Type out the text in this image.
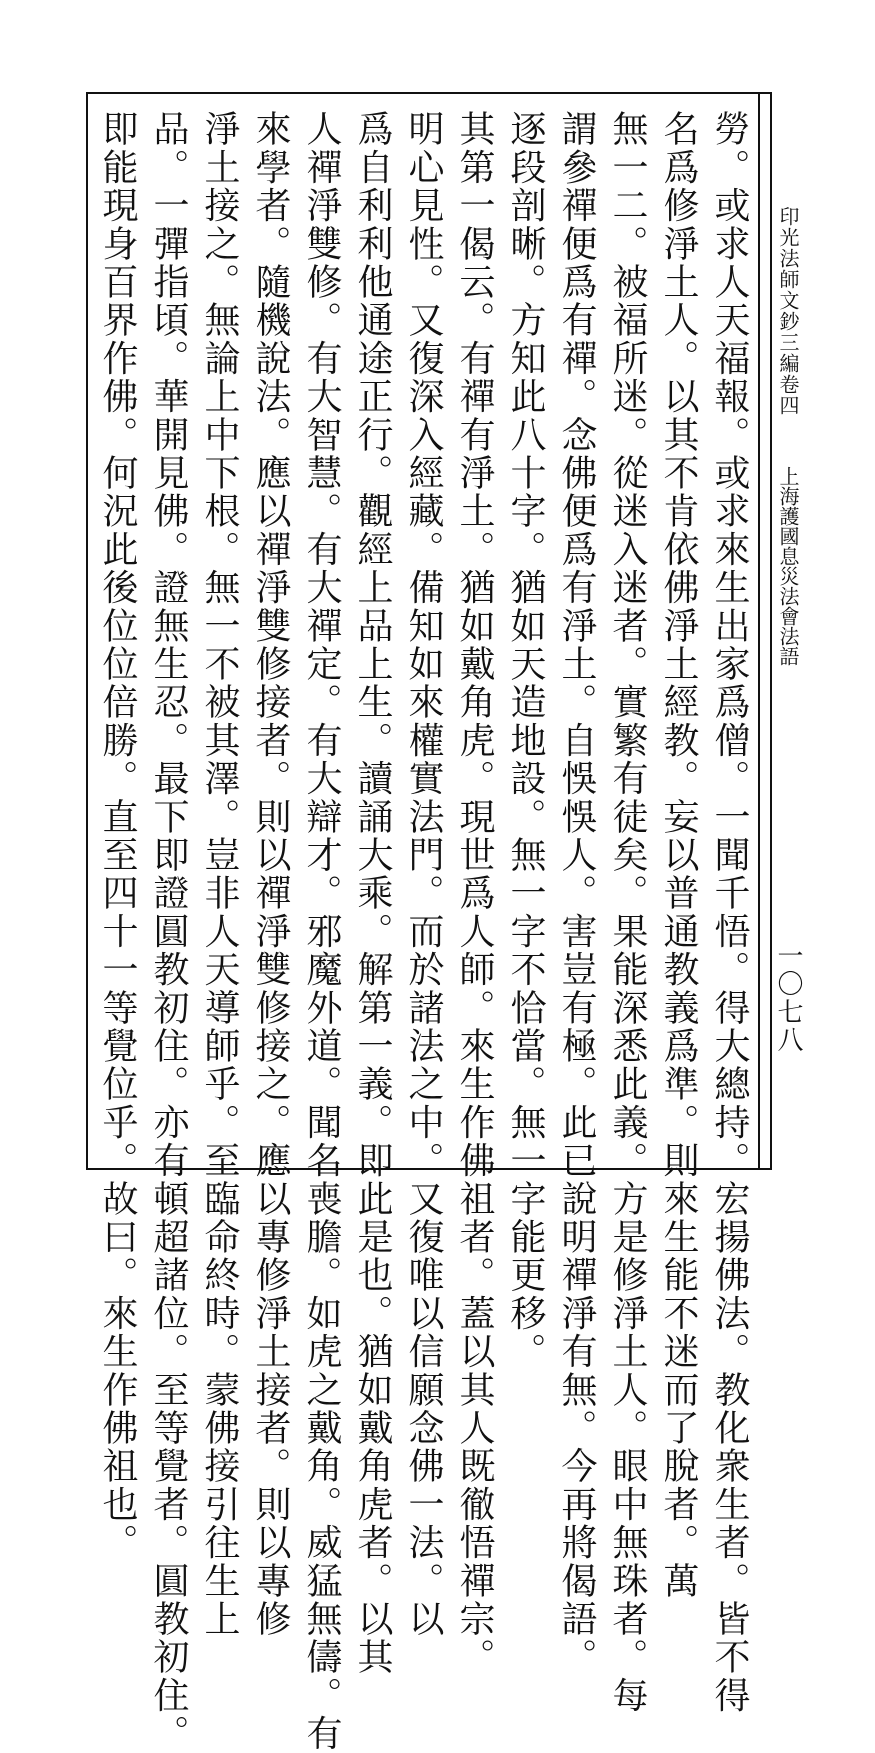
印光法師文鈔三編卷四
上海護國息災法會法語
一〇七八
勞。或求人天福報。或求來生出家爲僧。一聞千悟。得大總持。宏揚佛法。教化衆生者。皆不得
名爲修淨土人。以其不肯依佛淨土經教。妄以普通教義爲準。則來生能不迷而了脫者。萬
無一二。被福所迷。從迷入迷者。實繁有徒矣。果能深悉此義。方是修淨土人。眼中無珠者。每
謂參禪便爲有禪。念佛便爲有淨土。自悞悞人。害豈有極。此已說明禪淨有無。今再將偈語。
逐段剖晰。方知此八十字。猶如天造地設。無一字不恰當。無一字能更移。
其第一偈云。有禪有淨土。猶如戴角虎。現世爲人師。來生作佛祖者。蓋以其人既徹悟禪宗。
明心見性。又復深入經藏。備知如來權實法門。而於諸法之中。又復唯以信願念佛一法。以
爲自利利他通途正行。觀經上品上生。讀誦大乘。解第一義。即此是也。猶如戴角虎者。以其
人禪淨雙修。有大智慧。有大禪定。有大辯才。邪魔外道。聞名喪膽。如虎之戴角。威猛無儔。有
來學者。隨機說法。應以禪淨雙修接者。則以禪淨雙修接之。應以專修淨土接者。則以專修
淨土接之。無論上中下根。無一不被其澤。豈非人天導師乎。至臨命終時。蒙佛接引往生上
品。一彈指頃。華開見佛。證無生忍。最下即證圓教初住。亦有頓超諸位。至等覺者。圓教初住。
即能現身百界作佛。何況此後位位倍勝。直至四十一等覺位乎。故曰。來生作佛祖也。
